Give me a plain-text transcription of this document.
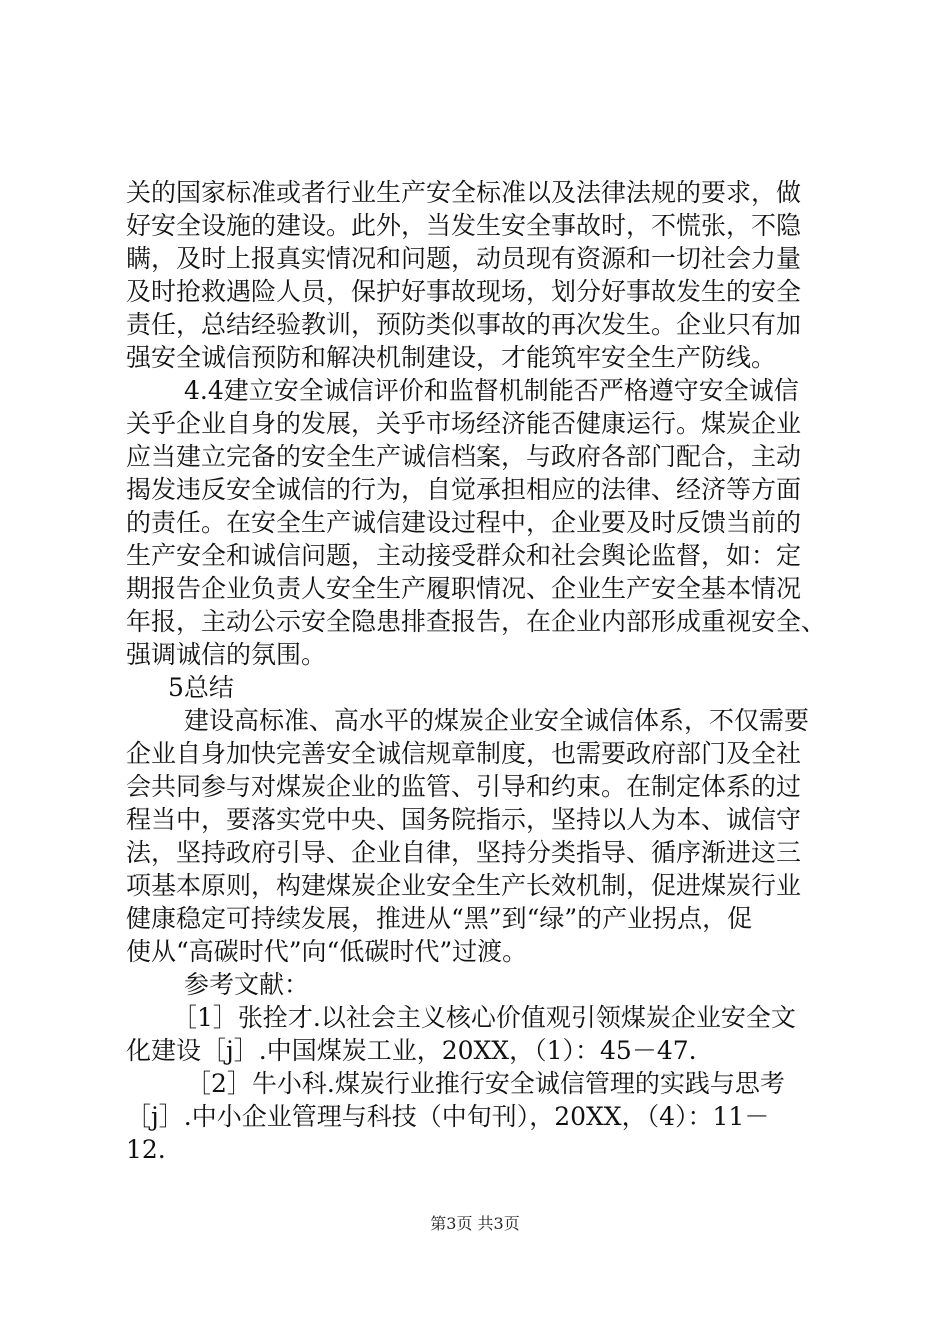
关的国家标准或者行业生产安全标准以及法律法规的要求，做
好安全设施的建设。此外，当发生安全事故时，不慌张，不隐
瞒，及时上报真实情况和问题，动员现有资源和一切社会力量
及时抢救遇险人员，保护好事故现场，划分好事故发生的安全
责任，总结经验教训，预防类似事故的再次发生。企业只有加
强安全诚信预防和解决机制建设，才能筑牢安全生产防线。
4.4建立安全诚信评价和监督机制能否严格遵守安全诚信
关乎企业自身的发展，关乎市场经济能否健康运行。煤炭企业
应当建立完备的安全生产诚信档案，与政府各部门配合，主动
揭发违反安全诚信的行为，自觉承担相应的法律、经济等方面
的责任。在安全生产诚信建设过程中，企业要及时反馈当前的
生产安全和诚信问题，主动接受群众和社会舆论监督，如：定
期报告企业负责人安全生产履职情况、企业生产安全基本情况
年报，主动公示安全隐患排查报告，在企业内部形成重视安全、
强调诚信的氛围。
5总结
建设高标准、高水平的煤炭企业安全诚信体系，不仅需要
企业自身加快完善安全诚信规章制度，也需要政府部门及全社
会共同参与对煤炭企业的监管、引导和约束。在制定体系的过
程当中，要落实党中央、国务院指示，坚持以人为本、诚信守
法，坚持政府引导、企业自律，坚持分类指导、循序渐进这三
项基本原则，构建煤炭企业安全生产长效机制，促进煤炭行业
健康稳定可持续发展，推进从“黑”到“绿”的产业拐点，促
使从“高碳时代”向“低碳时代”过渡。
参考文献：
［1］张拴才.以社会主义核心价值观引领煤炭企业安全文
化建设［j］.中国煤炭工业，20XX，（1）：45－47.
［2］牛小科.煤炭行业推行安全诚信管理的实践与思考
［j］.中小企业管理与科技（中旬刊），20XX，（4）：11－
12.
第3页 共3页
